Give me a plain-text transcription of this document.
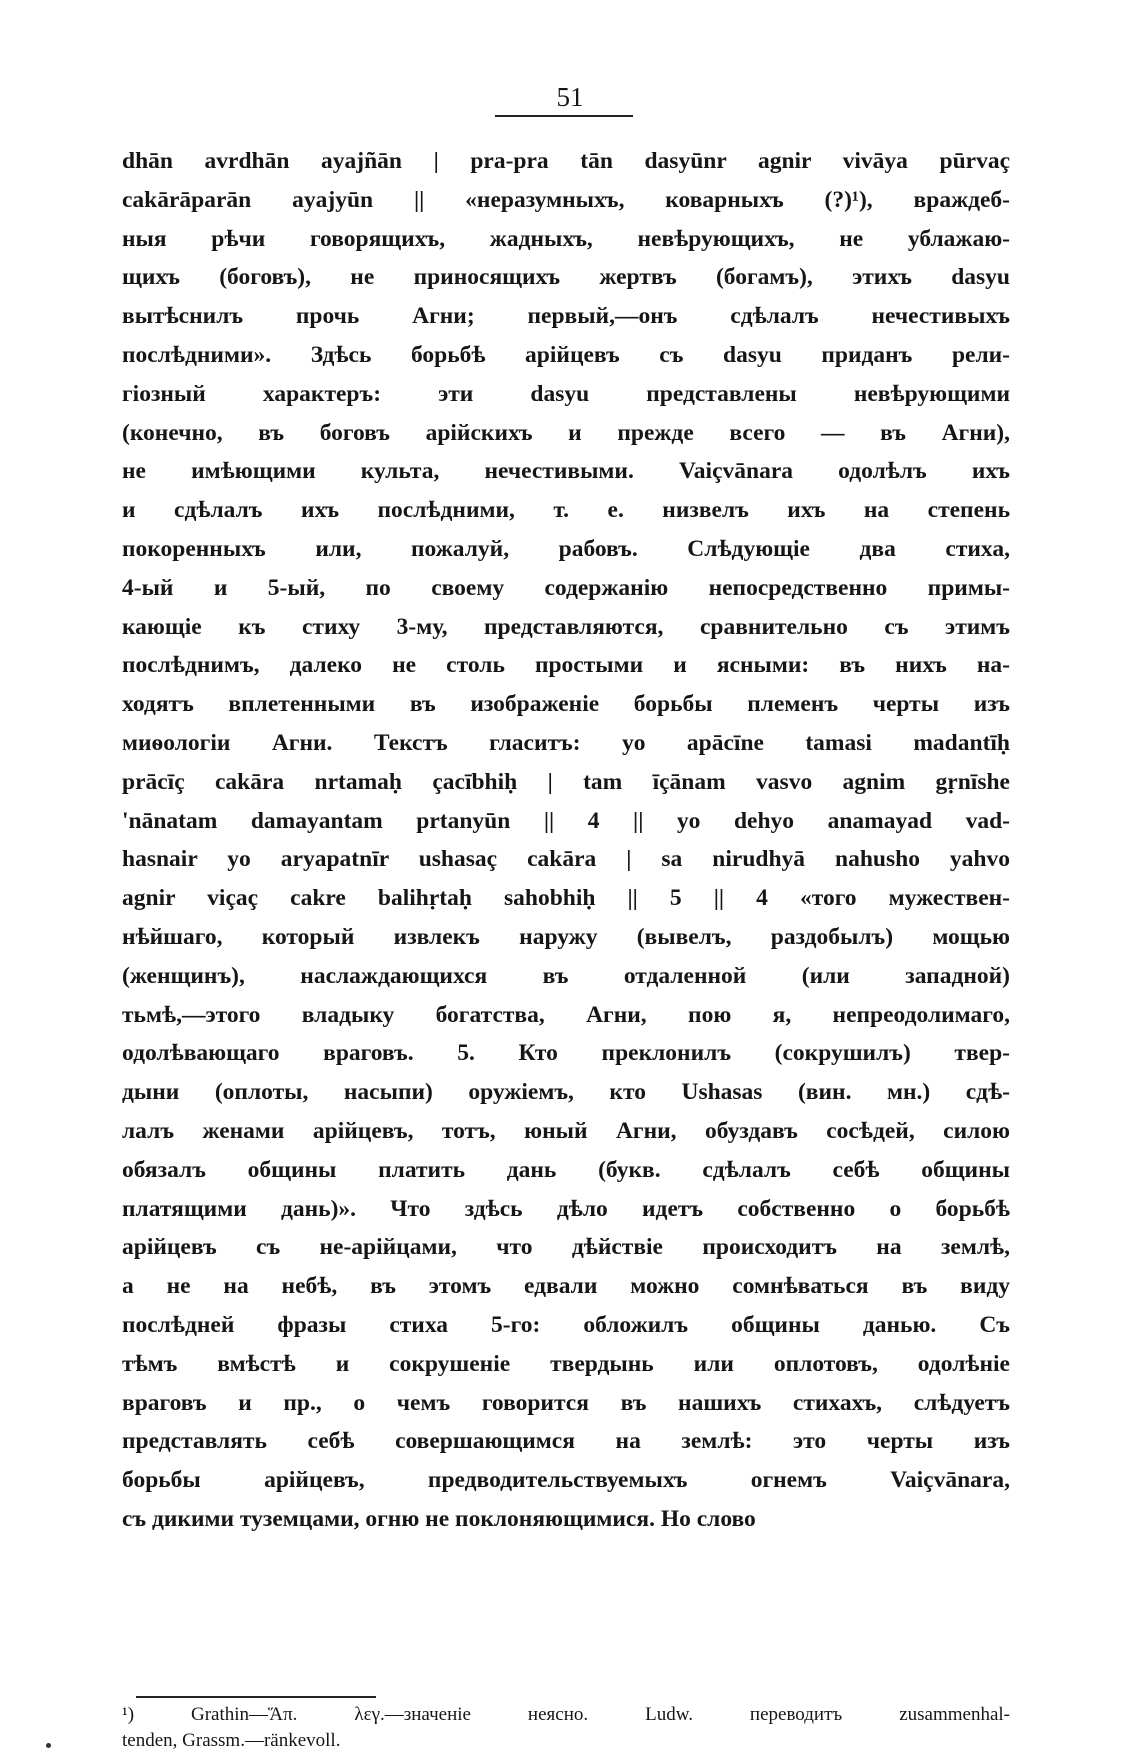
51
dhān avrdhān ayajñān | pra-pra tān dasyūnr agnir vivāya pūrvaç
cakārāparān ayajyūn || «неразумныхъ, коварныхъ (?)¹), враждеб-
ныя рѣчи говорящихъ, жадныхъ, невѣрующихъ, не ублажаю-
щихъ (боговъ), не приносящихъ жертвъ (богамъ), этихъ dasyu
вытѣснилъ прочь Агни; первый,—онъ сдѣлалъ нечестивыхъ
послѣдними». Здѣсь борьбѣ арійцевъ съ dasyu приданъ рели-
гіозный характеръ: эти dasyu представлены невѣрующими
(конечно, въ боговъ арійскихъ и прежде всего — въ Агни),
не имѣющими культа, нечестивыми. Vaiçvānara одолѣлъ ихъ
и сдѣлалъ ихъ послѣдними, т. е. низвелъ ихъ на степень
покоренныхъ или, пожалуй, рабовъ. Слѣдующіе два стиха,
4-ый и 5-ый, по своему содержанію непосредственно примы-
кающіе къ стиху 3-му, представляются, сравнительно съ этимъ
послѣднимъ, далеко не столь простыми и ясными: въ нихъ на-
ходятъ вплетенными въ изображеніе борьбы племенъ черты изъ
миѳологіи Агни. Текстъ гласитъ: yo apācīne tamasi madantīḥ
prācīç cakāra nrtamaḥ çacībhiḥ | tam īçānam vasvo agnim gṛnīshe
'nānatam damayantam prtanyūn || 4 || yo dehyo anamayad vad-
hasnair yo aryapatnīr ushasaç cakāra | sa nirudhyā nahusho yahvo
agnir viçaç cakre balihṛtaḥ sahobhiḥ || 5 || 4 «того мужествен-
нѣйшаго, который извлекъ наружу (вывелъ, раздобылъ) мощью
(женщинъ), наслаждающихся въ отдаленной (или западной)
тьмѣ,—этого владыку богатства, Агни, пою я, непреодолимаго,
одолѣвающаго враговъ. 5. Кто преклонилъ (сокрушилъ) твер-
дыни (оплоты, насыпи) оружіемъ, кто Ushasas (вин. мн.) сдѣ-
лалъ женами арійцевъ, тотъ, юный Агни, обуздавъ сосѣдей, силою
обязалъ общины платить дань (букв. сдѣлалъ себѣ общины
платящими дань)». Что здѣсь дѣло идетъ собственно о борьбѣ
арійцевъ съ не-арійцами, что дѣйствіе происходитъ на землѣ,
а не на небѣ, въ этомъ едвали можно сомнѣваться въ виду
послѣдней фразы стиха 5-го: обложилъ общины данью. Съ
тѣмъ вмѣстѣ и сокрушеніе твердынь или оплотовъ, одолѣніе
враговъ и пр., о чемъ говорится въ нашихъ стихахъ, слѣдуетъ
представлять себѣ совершающимся на землѣ: это черты изъ
борьбы арійцевъ, предводительствуемыхъ огнемъ Vaiçvānara,
съ дикими туземцами, огню не поклоняющимися. Но слово
¹) Grathin—Ἅπ. λεγ.—значеніе неясно. Ludw. переводитъ zusammenhal-
tenden, Grassm.—ränkevoll.
